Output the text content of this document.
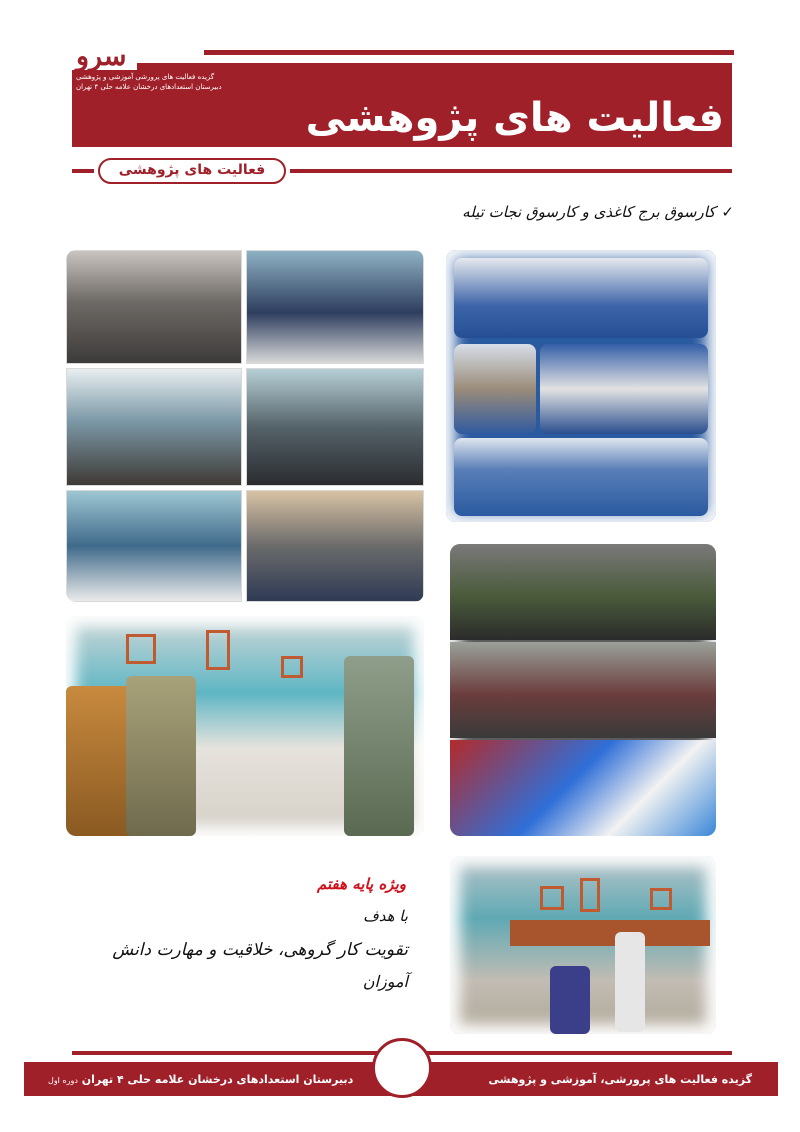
سرو
گزیده فعالیت های پرورشی آموزشی و پژوهشی
دبیرستان استعدادهای درخشان علامه حلی ۴ تهران
فعالیت های پژوهشی
فعالیت های پژوهشی
✓کارسوق برج کاغذی و کارسوق نجات تیله
ویژه پایه هفتم
با هدف
تقویت کار گروهی، خلاقیت و مهارت دانش
آموزان
دبیرستان استعدادهای درخشان علامه حلی ۴ تهران دوره اول	گزیده فعالیت های پرورشی، آموزشی و پژوهشی
